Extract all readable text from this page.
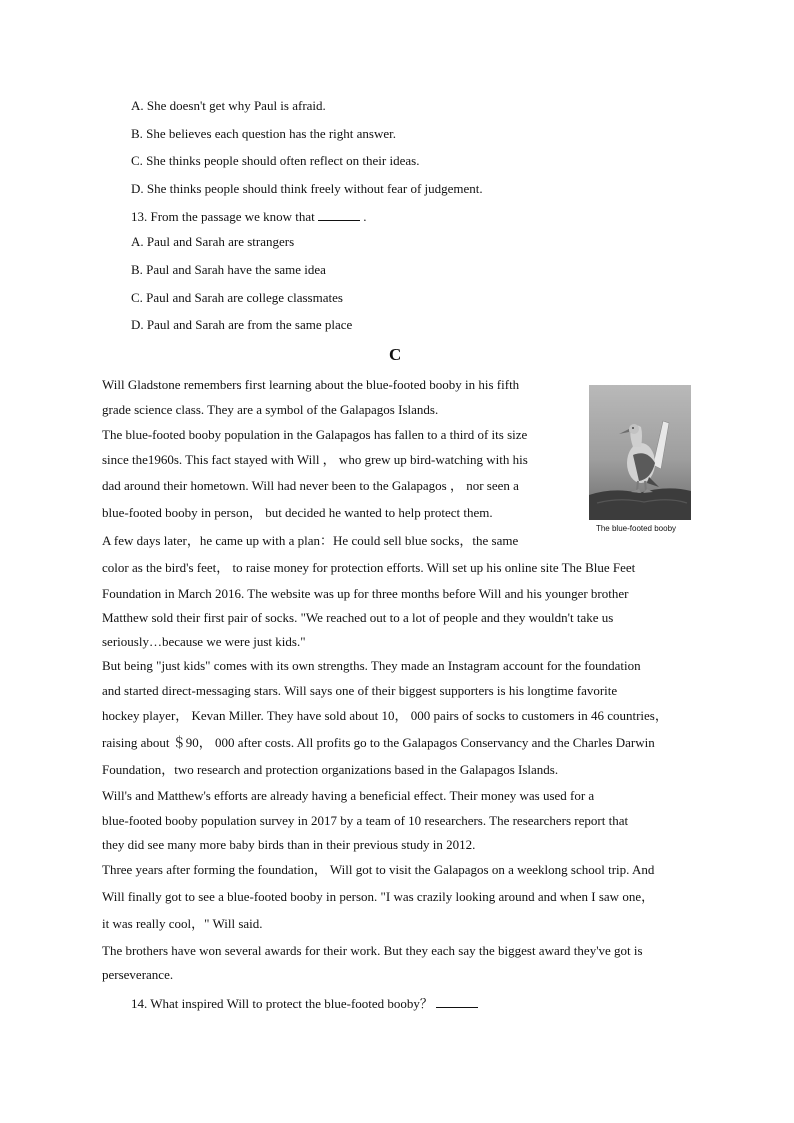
A. She doesn't get why Paul is afraid.
B. She believes each question has the right answer.
C. She thinks people should often reflect on their ideas.
D. She thinks people should think freely without fear of judgement.
13. From the passage we know that	.
A. Paul and Sarah are strangers
B. Paul and Sarah have the same idea
C. Paul and Sarah are college classmates
D. Paul and Sarah are from the same place
C
The blue-footed booby
Will Gladstone remembers first learning about the blue-footed booby in his fifth
grade science class. They are a symbol of the Galapagos Islands.
The blue-footed booby population in the Galapagos has fallen to a third of its size
since the1960s. This fact stayed with Will ， who grew up bird-watching with his
dad around their hometown. Will had never been to the Galapagos ， nor seen a
blue-footed booby in person， but decided he wanted to help protect them.
A few days later，he came up with a plan：He could sell blue socks，the same
color as the bird's feet， to raise money for protection efforts. Will set up his online site The Blue Feet
Foundation in March 2016. The website was up for three months before Will and his younger brother
Matthew sold their first pair of socks. "We reached out to a lot of people and they wouldn't take us
seriously…because we were just kids."
But being "just kids" comes with its own strengths. They made an Instagram account for the foundation
and started direct-messaging stars. Will says one of their biggest supporters is his longtime favorite
hockey player， Kevan Miller. They have sold about 10， 000 pairs of socks to customers in 46 countries，
raising about ＄90， 000 after costs. All profits go to the Galapagos Conservancy and the Charles Darwin
Foundation，two research and protection organizations based in the Galapagos Islands.
Will's and Matthew's efforts are already having a beneficial effect. Their money was used for a
blue-footed booby population survey in 2017 by a team of 10 researchers. The researchers report that
they did see many more baby birds than in their previous study in 2012.
Three years after forming the foundation， Will got to visit the Galapagos on a weeklong school trip. And
Will finally got to see a blue-footed booby in person. "I was crazily looking around and when I saw one，
it was really cool，" Will said.
The brothers have won several awards for their work. But they each say the biggest award they've got is
perseverance.
14. What inspired Will to protect the blue-footed booby？
